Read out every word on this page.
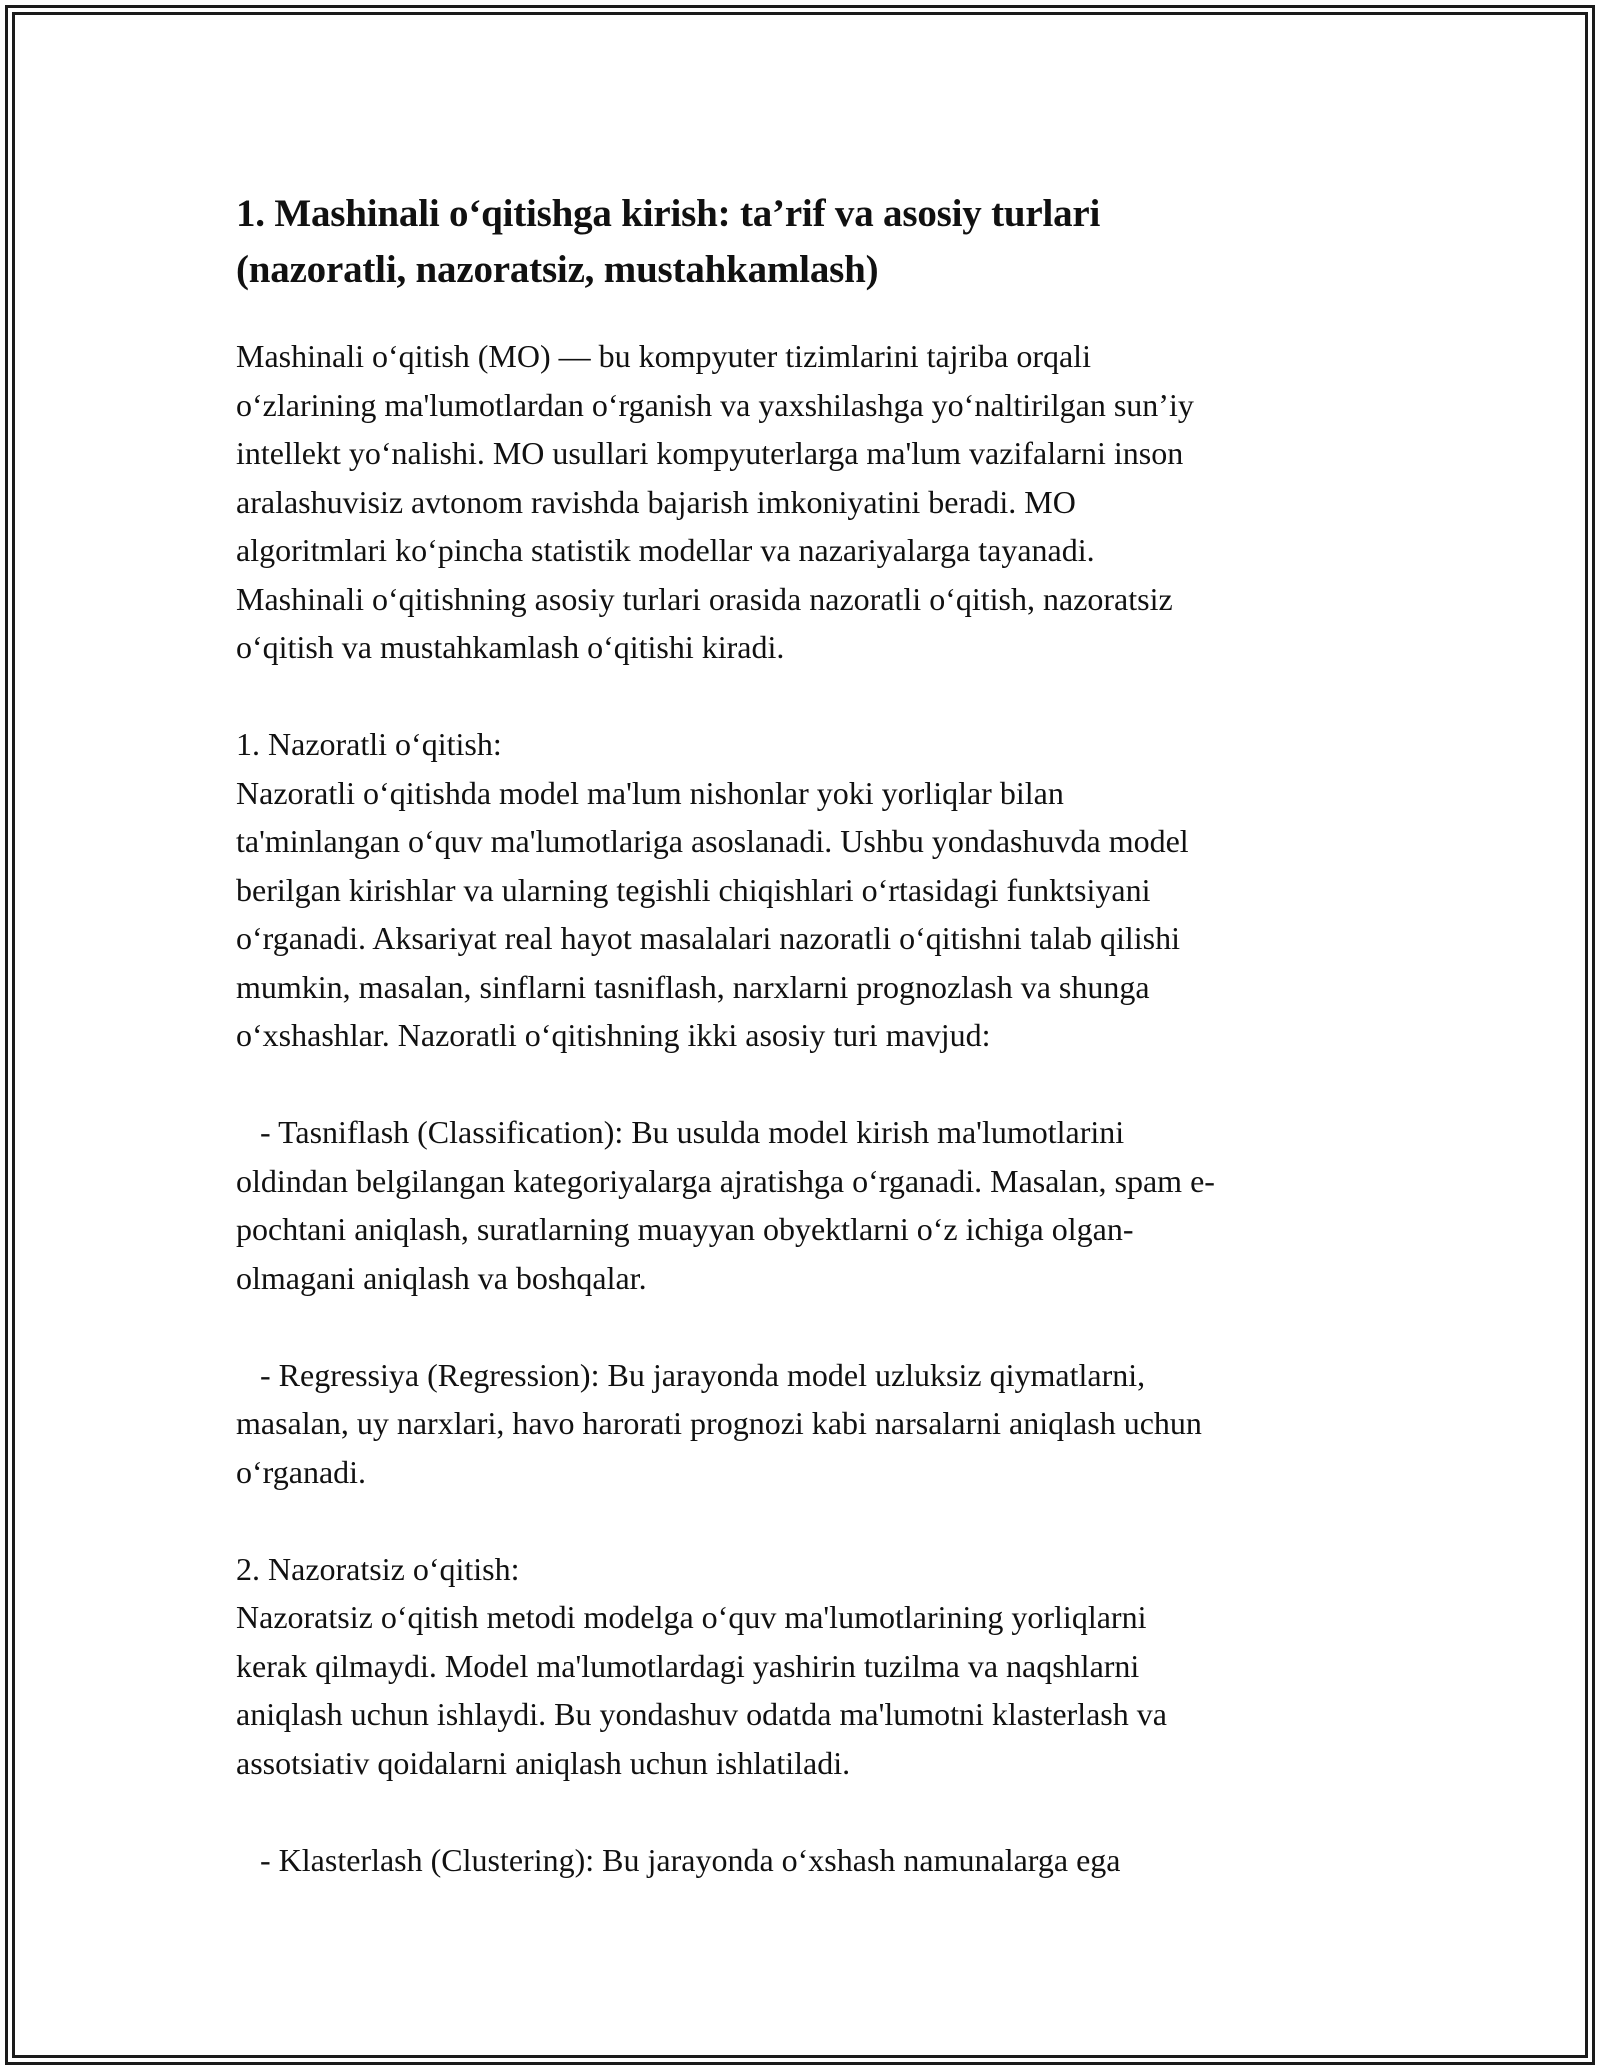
1. Mashinali o‘qitishga kirish: ta’rif va asosiy turlari
(nazoratli, nazoratsiz, mustahkamlash)

Mashinali o‘qitish (MO) — bu kompyuter tizimlarini tajriba orqali
o‘zlarining ma'lumotlardan o‘rganish va yaxshilashga yo‘naltirilgan sun’iy
intellekt yo‘nalishi. MO usullari kompyuterlarga ma'lum vazifalarni inson
aralashuvisiz avtonom ravishda bajarish imkoniyatini beradi. MO
algoritmlari ko‘pincha statistik modellar va nazariyalarga tayanadi.
Mashinali o‘qitishning asosiy turlari orasida nazoratli o‘qitish, nazoratsiz
o‘qitish va mustahkamlash o‘qitishi kiradi.

1. Nazoratli o‘qitish:

Nazoratli o‘qitishda model ma'lum nishonlar yoki yorliqlar bilan
ta'minlangan o‘quv ma'lumotlariga asoslanadi. Ushbu yondashuvda model
berilgan kirishlar va ularning tegishli chiqishlari o‘rtasidagi funktsiyani
o‘rganadi. Aksariyat real hayot masalalari nazoratli o‘qitishni talab qilishi
mumkin, masalan, sinflarni tasniflash, narxlarni prognozlash va shunga
o‘xshashlar. Nazoratli o‘qitishning ikki asosiy turi mavjud:

- Tasniflash (Classification): Bu usulda model kirish ma'lumotlarini
oldindan belgilangan kategoriyalarga ajratishga o‘rganadi. Masalan, spam e-
pochtani aniqlash, suratlarning muayyan obyektlarni o‘z ichiga olgan-
olmagani aniqlash va boshqalar.

- Regressiya (Regression): Bu jarayonda model uzluksiz qiymatlarni,
masalan, uy narxlari, havo harorati prognozi kabi narsalarni aniqlash uchun
o‘rganadi.

2. Nazoratsiz o‘qitish:

Nazoratsiz o‘qitish metodi modelga o‘quv ma'lumotlarining yorliqlarni
kerak qilmaydi. Model ma'lumotlardagi yashirin tuzilma va naqshlarni
aniqlash uchun ishlaydi. Bu yondashuv odatda ma'lumotni klasterlash va
assotsiativ qoidalarni aniqlash uchun ishlatiladi.

- Klasterlash (Clustering): Bu jarayonda o‘xshash namunalarga ega
